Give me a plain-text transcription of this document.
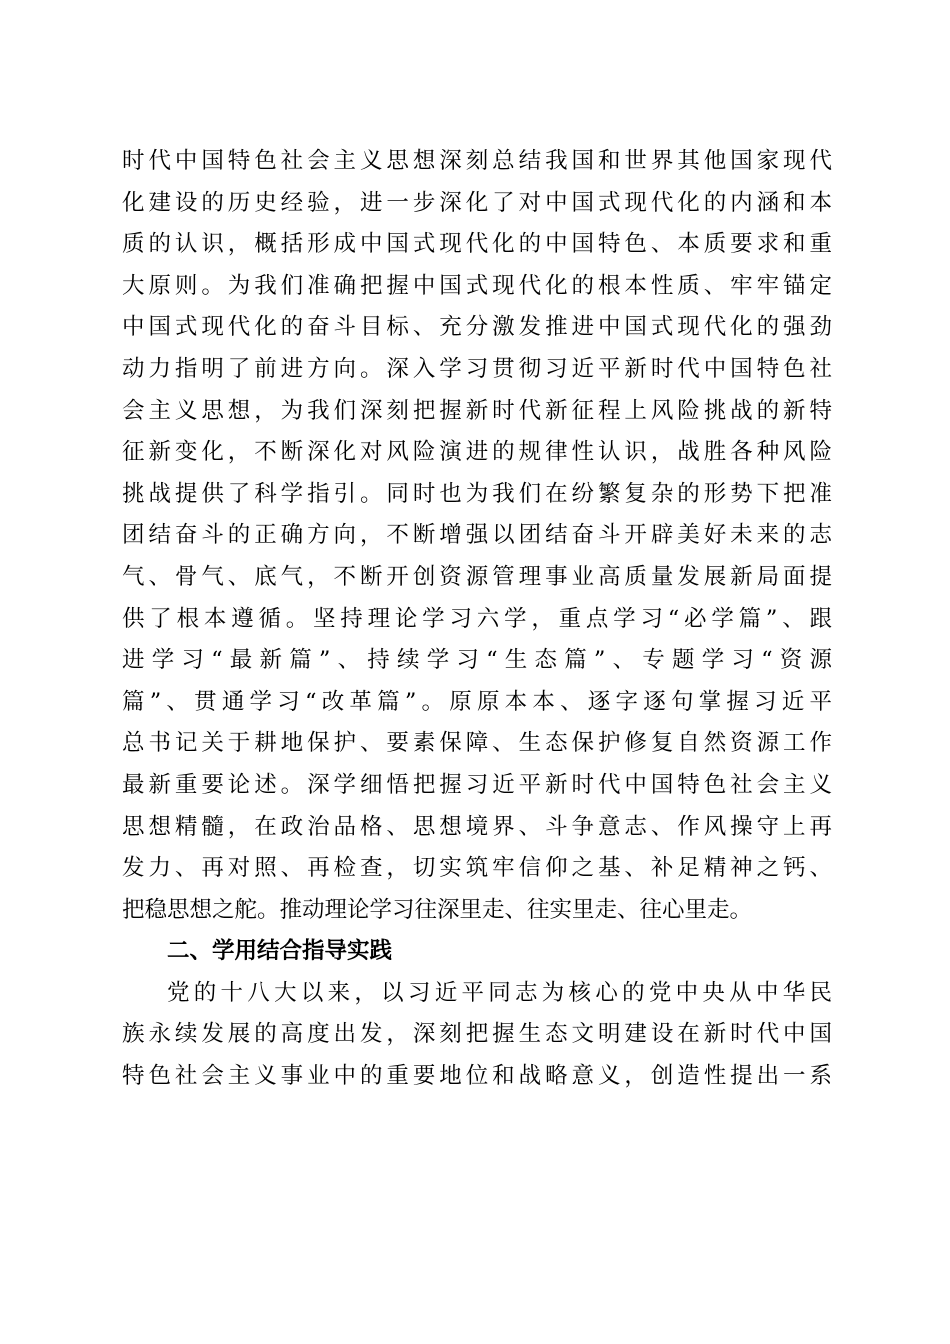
时代中国特色社会主义思想深刻总结我国和世界其他国家现代
化建设的历史经验，进一步深化了对中国式现代化的内涵和本
质的认识，概括形成中国式现代化的中国特色、本质要求和重
大原则。为我们准确把握中国式现代化的根本性质、牢牢锚定
中国式现代化的奋斗目标、充分激发推进中国式现代化的强劲
动力指明了前进方向。深入学习贯彻习近平新时代中国特色社
会主义思想，为我们深刻把握新时代新征程上风险挑战的新特
征新变化，不断深化对风险演进的规律性认识，战胜各种风险
挑战提供了科学指引。同时也为我们在纷繁复杂的形势下把准
团结奋斗的正确方向，不断增强以团结奋斗开辟美好未来的志
气、骨气、底气，不断开创资源管理事业高质量发展新局面提
供了根本遵循。坚持理论学习六学，重点学习“必学篇”、跟
进学习“最新篇”、持续学习“生态篇”、专题学习“资源
篇”、贯通学习“改革篇”。原原本本、逐字逐句掌握习近平
总书记关于耕地保护、要素保障、生态保护修复自然资源工作
最新重要论述。深学细悟把握习近平新时代中国特色社会主义
思想精髓，在政治品格、思想境界、斗争意志、作风操守上再
发力、再对照、再检查，切实筑牢信仰之基、补足精神之钙、
把稳思想之舵。推动理论学习往深里走、往实里走、往心里走。
二、学用结合指导实践
党的十八大以来，以习近平同志为核心的党中央从中华民
族永续发展的高度出发，深刻把握生态文明建设在新时代中国
特色社会主义事业中的重要地位和战略意义，创造性提出一系
